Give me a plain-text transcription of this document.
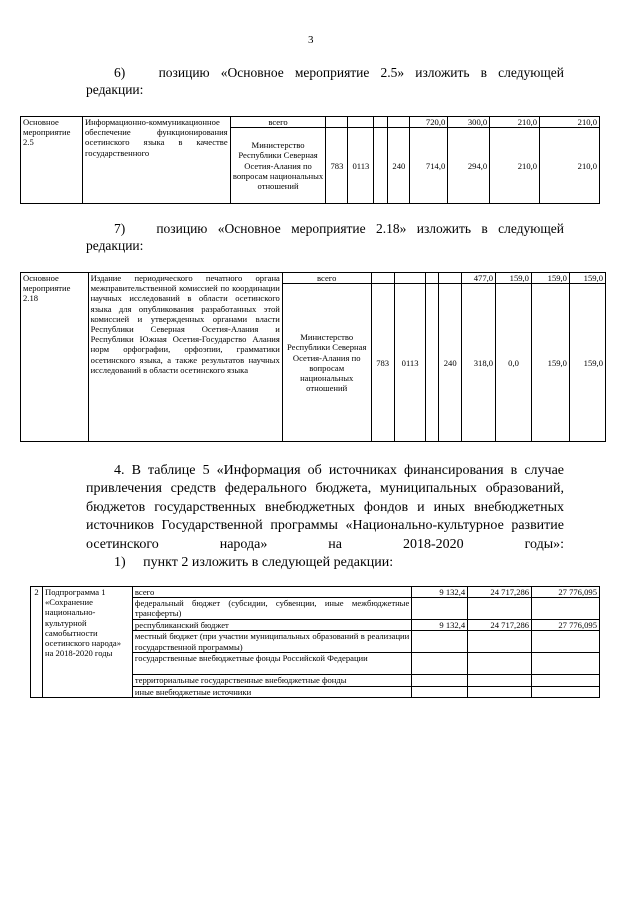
3
6) позицию «Основное мероприятие 2.5» изложить в следующей
редакции:
Основное мероприятие 2.5	Информационно-коммуникационное обеспечение функционирования осетинского языка в качестве государственного	всего					720,0	300,0	210,0	210,0
		Министерство Республики Северная Осетия-Алания по вопросам национальных отношений	783	0113		240	714,0	294,0	210,0	210,0
7) позицию «Основное мероприятие 2.18» изложить в следующей
редакции:
Основное мероприятие 2.18	Издание периодического печатного органа межправительственной комиссией по координации научных исследований в области осетинского языка для опубликования разработанных этой комиссией и утвержденных органами власти Республики Северная Осетия-Алания и Республики Южная Осетия-Государство Алания норм орфографии, орфоэпии, грамматики осетинского языка, а также результатов научных исследований в области осетинского языка	всего					477,0	159,0	159,0	159,0
		Министерство Республики Северная Осетия-Алания по вопросам национальных отношений	783	0113		240	318,0	0,0	159,0	159,0
4. В таблице 5 «Информация об источниках финансирования в случае привлечения средств федерального бюджета, муниципальных образований, бюджетов государственных внебюджетных фондов и иных внебюджетных источников Государственной программы «Национально-культурное развитие осетинского народа» на 2018-2020 годы»:
1) пункт 2 изложить в следующей редакции:
2	Подпрограмма 1 «Сохранение национально-культурной самобытности осетинского народа» на 2018-2020 годы	всего	9 132,4	24 717,286	27 776,095
		федеральный бюджет (субсидии, субвенции, иные межбюджетные трансферты)			
		республиканский бюджет	9 132,4	24 717,286	27 776,095
		местный бюджет (при участии муниципальных образований в реализации государственной программы)			
		государственные внебюджетные фонды Российской Федерации			
		территориальные государственные внебюджетные фонды			
		иные внебюджетные источники			
